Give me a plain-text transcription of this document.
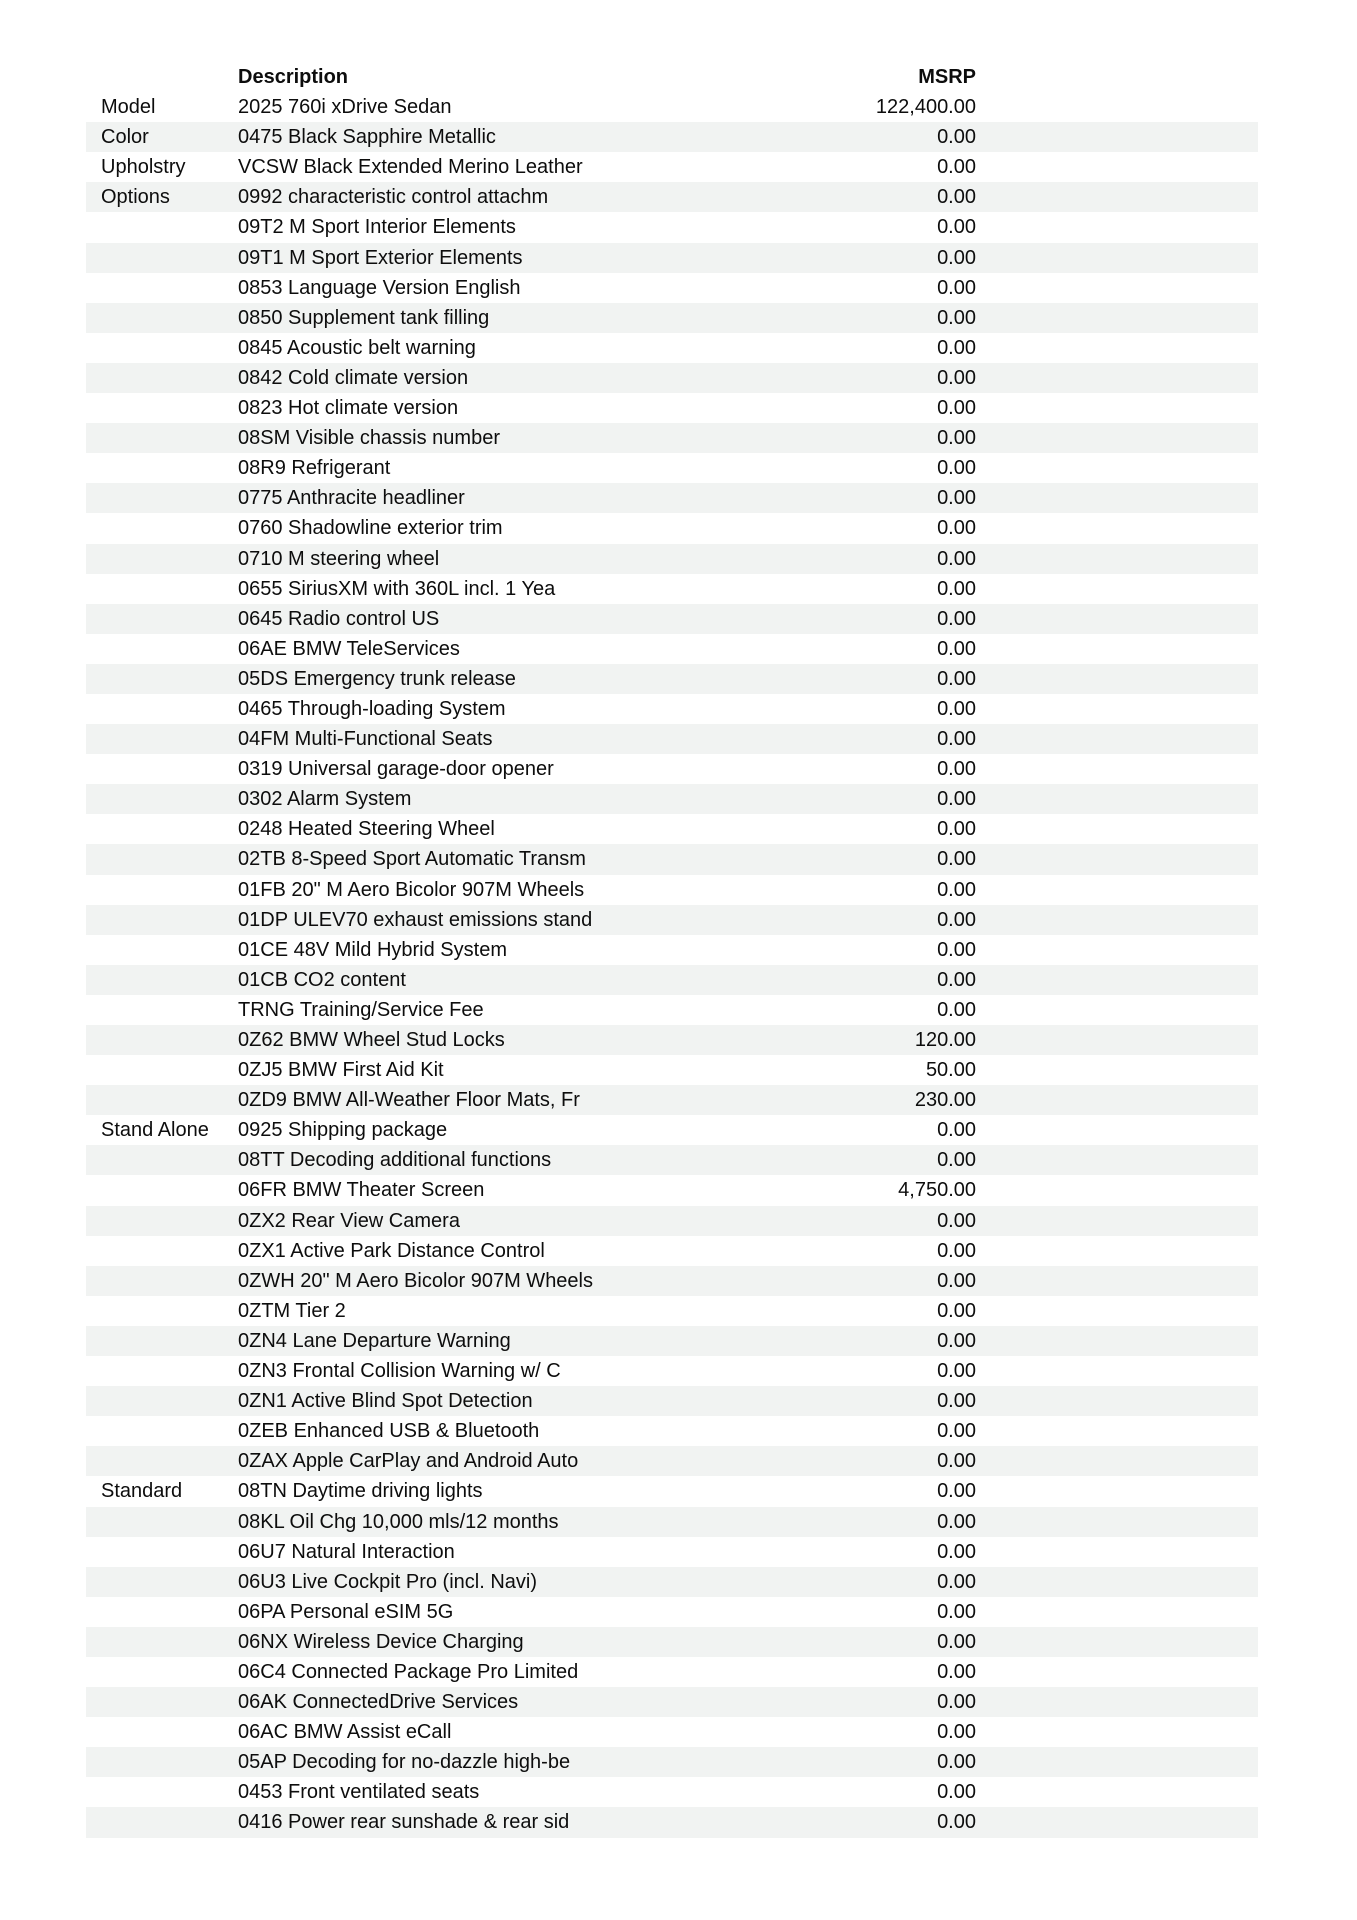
Description	MSRP
Model	2025 760i xDrive Sedan	122,400.00
Color	0475 Black Sapphire Metallic	0.00
Upholstry	VCSW Black Extended Merino Leather	0.00
Options	0992 characteristic control attachm	0.00
09T2 M Sport Interior Elements	0.00
09T1 M Sport Exterior Elements	0.00
0853 Language Version English	0.00
0850 Supplement tank filling	0.00
0845 Acoustic belt warning	0.00
0842 Cold climate version	0.00
0823 Hot climate version	0.00
08SM Visible chassis number	0.00
08R9 Refrigerant	0.00
0775 Anthracite headliner	0.00
0760 Shadowline exterior trim	0.00
0710 M steering wheel	0.00
0655 SiriusXM with 360L incl. 1 Yea	0.00
0645 Radio control US	0.00
06AE BMW TeleServices	0.00
05DS Emergency trunk release	0.00
0465 Through-loading System	0.00
04FM Multi-Functional Seats	0.00
0319 Universal garage-door opener	0.00
0302 Alarm System	0.00
0248 Heated Steering Wheel	0.00
02TB 8-Speed Sport Automatic Transm	0.00
01FB 20" M Aero Bicolor 907M Wheels	0.00
01DP ULEV70 exhaust emissions stand	0.00
01CE 48V Mild Hybrid System	0.00
01CB CO2 content	0.00
TRNG Training/Service Fee	0.00
0Z62 BMW Wheel Stud Locks	120.00
0ZJ5 BMW First Aid Kit	50.00
0ZD9 BMW All-Weather Floor Mats, Fr	230.00
Stand Alone	0925 Shipping package	0.00
08TT Decoding additional functions	0.00
06FR BMW Theater Screen	4,750.00
0ZX2 Rear View Camera	0.00
0ZX1 Active Park Distance Control	0.00
0ZWH 20" M Aero Bicolor 907M Wheels	0.00
0ZTM Tier 2	0.00
0ZN4 Lane Departure Warning	0.00
0ZN3 Frontal Collision Warning w/ C	0.00
0ZN1 Active Blind Spot Detection	0.00
0ZEB Enhanced USB & Bluetooth	0.00
0ZAX Apple CarPlay and Android Auto	0.00
Standard	08TN Daytime driving lights	0.00
08KL Oil Chg 10,000 mls/12 months	0.00
06U7 Natural Interaction	0.00
06U3 Live Cockpit Pro (incl. Navi)	0.00
06PA Personal eSIM 5G	0.00
06NX Wireless Device Charging	0.00
06C4 Connected Package Pro Limited	0.00
06AK ConnectedDrive Services	0.00
06AC BMW Assist eCall	0.00
05AP Decoding for no-dazzle high-be	0.00
0453 Front ventilated seats	0.00
0416 Power rear sunshade & rear sid	0.00
